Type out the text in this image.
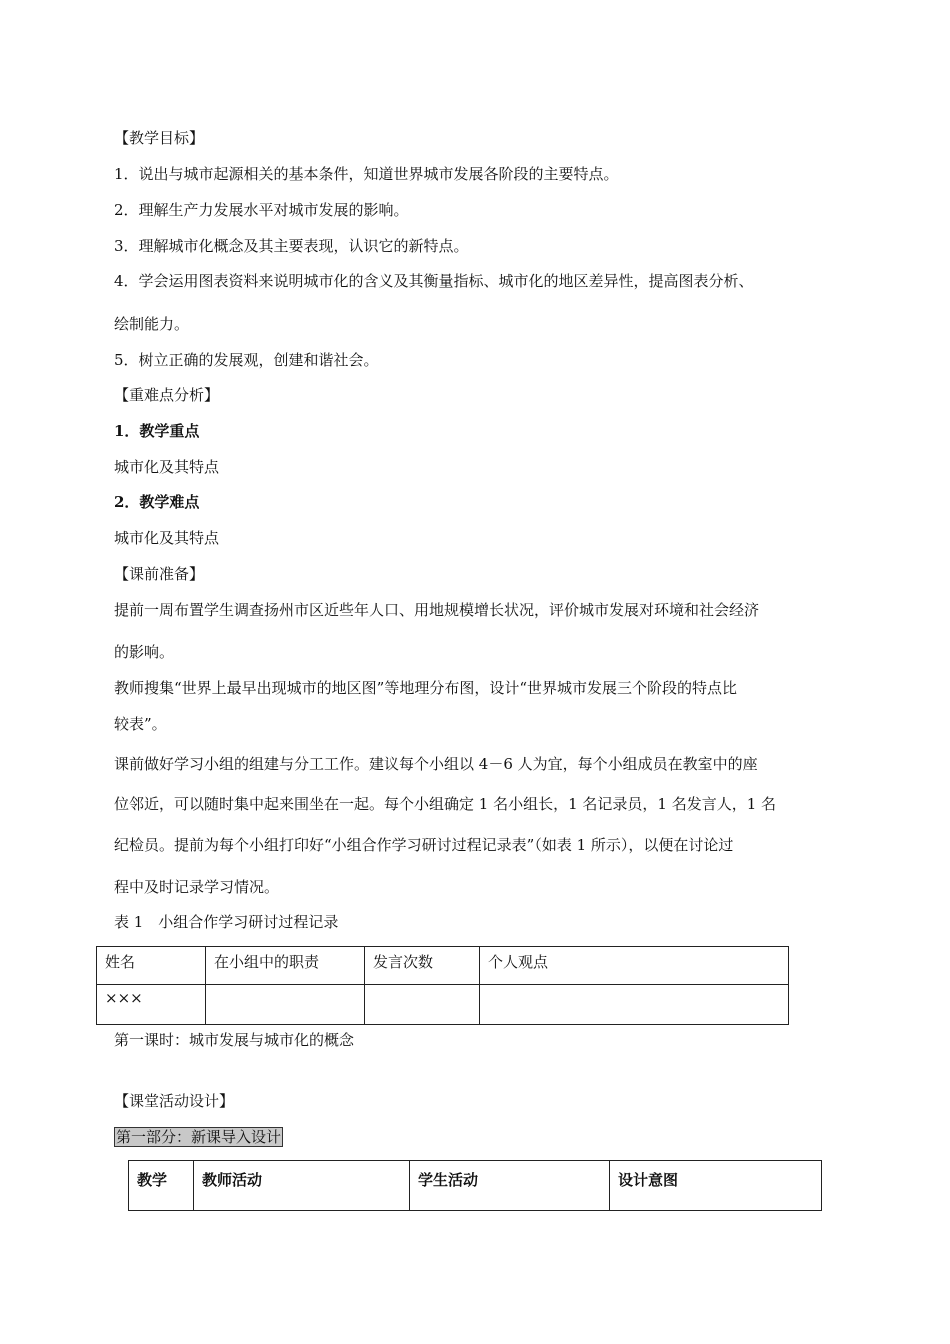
【教学目标】
1．说出与城市起源相关的基本条件，知道世界城市发展各阶段的主要特点。
2．理解生产力发展水平对城市发展的影响。
3．理解城市化概念及其主要表现，认识它的新特点。
4．学会运用图表资料来说明城市化的含义及其衡量指标、城市化的地区差异性，提高图表分析、
绘制能力。
5．树立正确的发展观，创建和谐社会。
【重难点分析】
1．教学重点
城市化及其特点
2．教学难点
城市化及其特点
【课前准备】
提前一周布置学生调查扬州市区近些年人口、用地规模增长状况，评价城市发展对环境和社会经济
的影响。
教师搜集“世界上最早出现城市的地区图”等地理分布图，设计“世界城市发展三个阶段的特点比
较表”。
课前做好学习小组的组建与分工工作。建议每个小组以 4－6 人为宜，每个小组成员在教室中的座
位邻近，可以随时集中起来围坐在一起。每个小组确定 1 名小组长，1 名记录员，1 名发言人，1 名
纪检员。提前为每个小组打印好“小组合作学习研讨过程记录表”（如表 1 所示），以便在讨论过
程中及时记录学习情况。
表 1　小组合作学习研讨过程记录
姓名	在小组中的职责	发言次数	个人观点
×××			
第一课时：城市发展与城市化的概念
【课堂活动设计】
第一部分：新课导入设计
教学	教师活动	学生活动	设计意图
